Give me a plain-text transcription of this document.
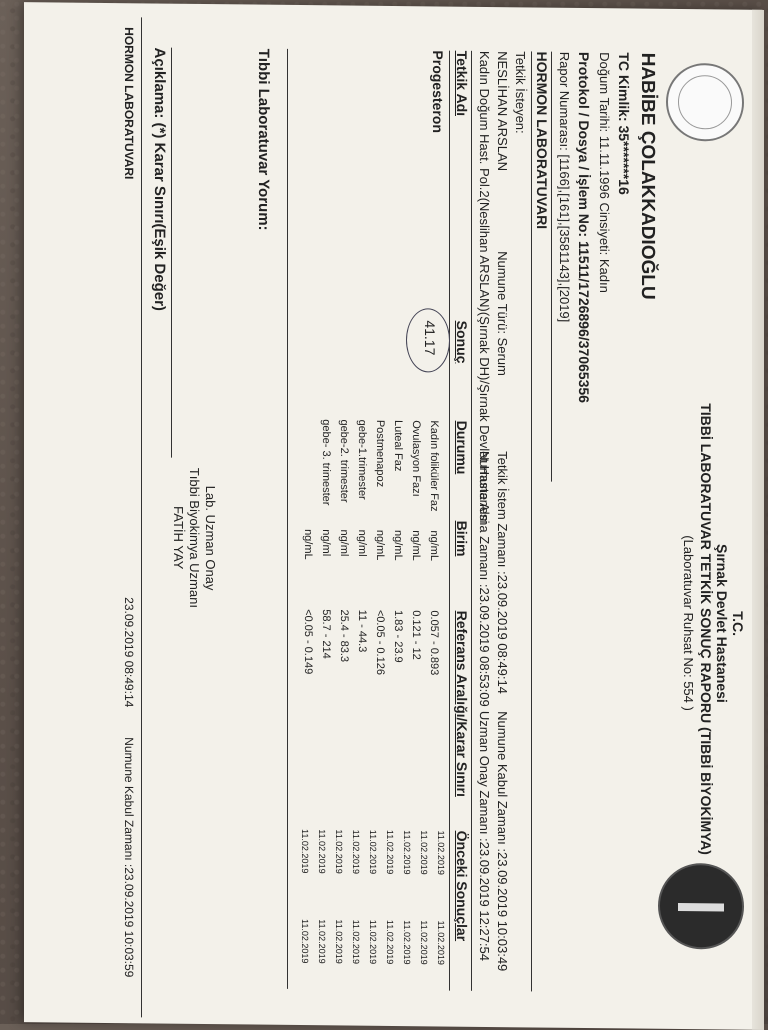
T.C.
Şırnak Devlet Hastanesi
TIBBİ LABORATUVAR TETKİK SONUÇ RAPORU (TIBBİ BİYOKİMYA)
(Laboratuvar Ruhsat No: 554 )
HABİBE ÇOLAKKADIOĞLU
TC Kimlik: 35*******16
Doğum Tarihi: 11.11.1996 Cinsiyeti: Kadın
Protokol / Dosya / İşlem No: 11511/1726896/37065356
Rapor Numarası: [1166],[161],[3581143],[2019]
HORMON LABORATUVARI
Tetkik İsteyen:
NESLİHAN ARSLAN
Numune Türü: Serum
Kadın Doğum Hast. Pol.2(Neslihan ARSLAN)(Şırnak DH)/Şırnak Devlet Hastanesi
Tetkik İstem Zamanı :23.09.2019 08:49:14
Numune Alma Zamanı :23.09.2019 08:53:09
Numune Kabul Zamanı :23.09.2019 10:03:49
Uzman Onay Zamanı :23.09.2019 12:27:54
Tetkik Adı
Sonuç
Durumu
Birim
Referans Aralığı/Karar Sınırı
Önceki Sonuçlar
Progesteron
41.17
Kadın foliküler Faz
ng/mL
0.057 - 0.893
Ovulasyon Fazı
ng/mL
0.121 - 12
Luteal Faz
ng/mL
1.83 - 23.9
Postmenapoz
ng/mL
<0.05 - 0.126
gebe-1.trimester
ng/ml
11 - 44.3
gebe-2. trimester
ng/ml
25.4 - 83.3
gebe- 3. trimester
ng/ml
58.7 - 214
ng/mL
<0.05 - 0.149
11.02.2019
11.02.2019
11.02.2019
11.02.2019
11.02.2019
11.02.2019
11.02.2019
11.02.2019
11.02.2019
11.02.2019
11.02.2019
11.02.2019
11.02.2019
11.02.2019
11.02.2019
11.02.2019
11.02.2019
11.02.2019
Tıbbi Laboratuvar Yorum:
Lab. Uzman Onay
Tıbbi Biyokimya Uzmanı
FATİH YAY
Açıklama: (*) Karar Sınırı(Eşik Değer)
HORMON LABORATUVARI
23.09.2019 08:49:14
Numune Kabul Zamanı :23.09.2019 10:03:59
